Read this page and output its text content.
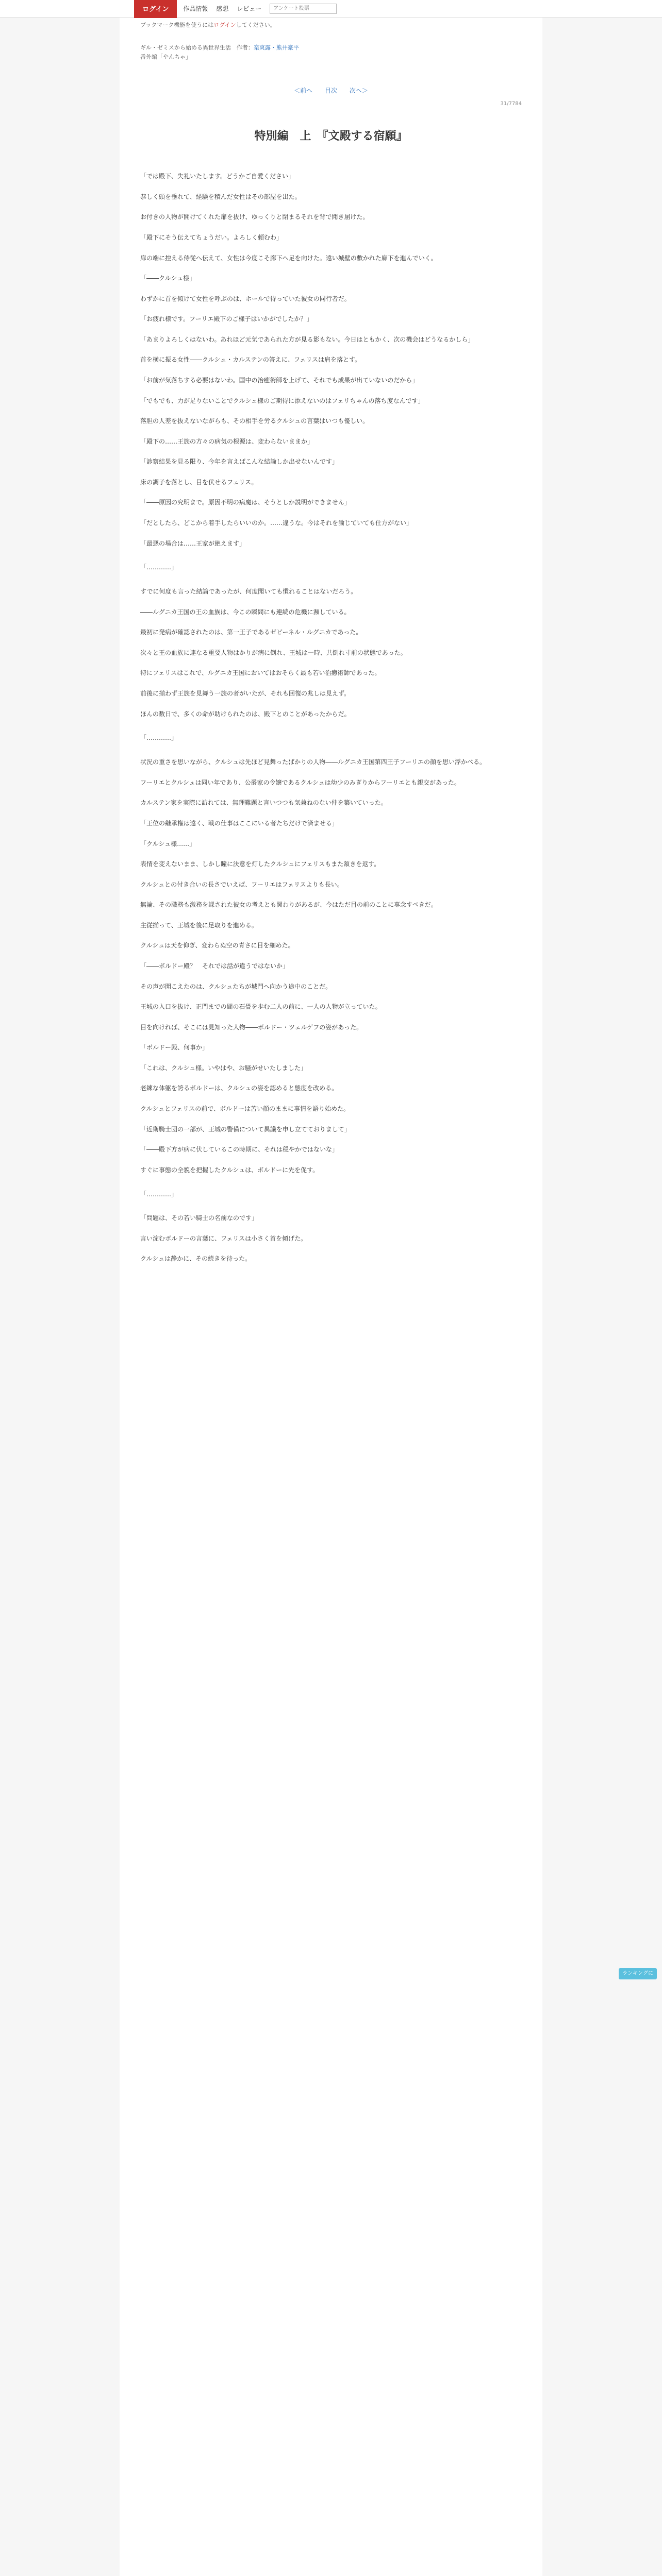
ログイン	作品情報 感想 レビュー
アンケート投票
ブックマーク機能を使うにはログインしてください。
ギル・ゼミスから始める異世界生活　作者：楽爽露・熊井豪平
番外編「やんちゃ」
＜前へ 目次 次へ＞
31/7784
特別編　上　『文殿する宿願』

「では殿下、失礼いたします。どうかご自愛ください」

恭しく頭を垂れて、経験を積んだ女性はその部屋を出た。

お付きの人物が開けてくれた扉を抜け、ゆっくりと閉まるそれを背で聞き届けた。

「殿下にそう伝えてちょうだい。よろしく頼むわ」

扉の端に控える侍従へ伝えて、女性は今度こそ廊下へ足を向けた。遠い城壁の敷かれた廊下を進んでいく。

「――クルシュ様」

わずかに首を傾けて女性を呼ぶのは、ホールで待っていた彼女の同行者だ。

「お疲れ様です。フーリエ殿下のご様子はいかがでしたか？」

「あまりよろしくはないわ。あれほど元気であられた方が見る影もない。今日はともかく、次の機会はどうなるかしら」

首を横に振る女性――クルシュ・カルステンの答えに、フェリスは肩を落とす。

「お前が気落ちする必要はないわ。国中の治癒術師を上げて、それでも成果が出ていないのだから」

「でもでも、力が足りないことでクルシュ様のご期待に添えないのはフェリちゃんの落ち度なんです」

落胆の人差を抜えないながらも、その相手を労るクルシュの言葉はいつも優しい。

「殿下の……王族の方々の病気の根源は、変わらないままか」

「診察結果を見る限り、今年を言えばこんな結論しか出せないんです」

床の調子を落とし、目を伏せるフェリス。

「――原因の究明まで。原因不明の病魔は、そうとしか説明ができません」

「だとしたら、どこから着手したらいいのか。……違うな。今はそれを論じていても仕方がない」

「最悪の場合は……王家が絶えます」

「…………」

すでに何度も言った結論であったが、何度聞いても慣れることはないだろう。

――ルグニカ王国の王の血族は、今この瞬間にも連続の危機に瀕している。

最初に発病が確認されたのは、第一王子であるゼビーネル・ルグニカであった。

次々と王の血族に連なる重要人物はかりが病に倒れ、王城は一時、共倒れ寸前の状態であった。

特にフェリスはこれで、ルグニカ王国においてはおそらく最も若い治癒術師であった。

前後に揃わず王族を見舞う一族の者がいたが、それも回復の兆しは見えず。

ほんの数日で、多くの命が助けられたのは、殿下とのことがあったからだ。

「…………」

状況の重さを思いながら、クルシュは先ほど見舞ったばかりの人物――ルグニカ王国第四王子フーリエの顔を思い浮かべる。

フーリエとクルシュは同い年であり、公爵家の令嬢であるクルシュは幼少のみぎりからフーリエとも親交があった。

カルステン家を実際に訪れては、無理難題と言いつつも気兼ねのない仲を築いていった。

「王位の継承権は遠く、戦の仕事はここにいる者たちだけで済ませる」

「クルシュ様……」

表情を変えないまま、しかし瞳に決意を灯したクルシュにフェリスもまた頷きを返す。

クルシュとの付き合いの長さでいえば、フーリエはフェリスよりも長い。

無論、その職務も激務を課された彼女の考えとも関わりがあるが、今はただ目の前のことに専念すべきだ。

主従揃って、王城を後に足取りを進める。

クルシュは天を仰ぎ、変わらぬ空の青さに目を細めた。

「――ボルドー殿？　それでは話が違うではないか」

その声が聞こえたのは、クルシュたちが城門へ向かう途中のことだ。

王城の入口を抜け、正門までの間の石畳を歩む二人の前に、一人の人物が立っていた。

目を向ければ、そこには見知った人物――ボルドー・ツェルゲフの姿があった。

「ボルドー殿、何事か」

「これは、クルシュ様。いやはや、お騒がせいたしました」

老練な体躯を誇るボルドーは、クルシュの姿を認めると態度を改める。

クルシュとフェリスの前で、ボルドーは苦い顔のままに事情を語り始めた。

「近衛騎士団の一部が、王城の警備について異議を申し立てておりまして」

「――殿下方が病に伏しているこの時期に、それは穏やかではないな」

すぐに事態の全貌を把握したクルシュは、ボルドーに先を促す。

「…………」

「問題は、その若い騎士の名前なのです」

言い淀むボルドーの言葉に、フェリスは小さく首を傾げた。

クルシュは静かに、その続きを待った。

ランキングに
